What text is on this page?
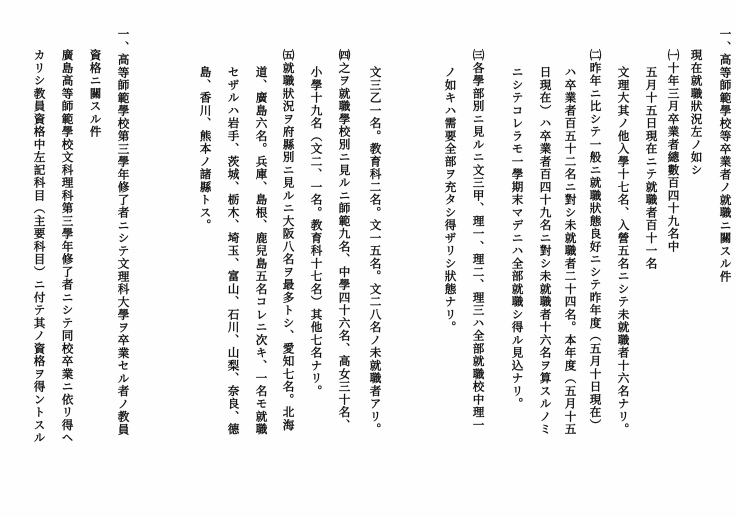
一、高等師範學校等卒業者ノ就職ニ關スル件
現在就職狀況左ノ如シ
㈠十年三月卒業者總數百四十九名中
五月十五日現在ニテ就職者百十一名
文理大其ノ他入學十七名、入營五名ニシテ未就職者十六名ナリ。
㈡昨年ニ比シテ一般ニ就職狀態良好ニシテ昨年度（五月十日現在）
ハ卒業者百五十二名ニ對シ未就職者二十四名。本年度（五月十五
日現在）ハ卒業者百四十九名ニ對シ未就職者十六名ヲ算スルノミ
ニシテコレラモ一學期末マデニハ全部就職シ得ル見込ナリ。
㈢各學部別ニ見ルニ文三甲、理一、理二、理三ハ全部就職校中理一
ノ如キハ需要全部ヲ充タシ得ザリシ狀態ナリ。
文三乙一名。教育科二名。文一五名。文二八名ノ未就職者アリ。
㈣之ヲ就職學校別ニ見ルニ師範九名、中學四十六名、高女三十名、
小學十九名（文二、一名。教育科十七名）其他七名ナリ。
㈤就職狀況ヲ府縣別ニ見ルニ大阪八名ヲ最多トシ、愛知七名。北海
道、廣島六名。兵庫、島根、鹿兒島五名コレニ次キ、一名モ就職
セザルハ岩手、茨城、栃木、埼玉、富山、石川、山梨、奈良、德
島、香川、熊本ノ諸縣トス。
一、高等師範學校第三學年修了者ニシテ文理科大學ヲ卒業セル者ノ教員
資格ニ關スル件
廣島高等師範學校文科理科第三學年修了者ニシテ同校卒業ニ依リ得ヘ
カリシ教員資格中左記科目（主要科目）ニ付テ其ノ資格ヲ得ントスル
